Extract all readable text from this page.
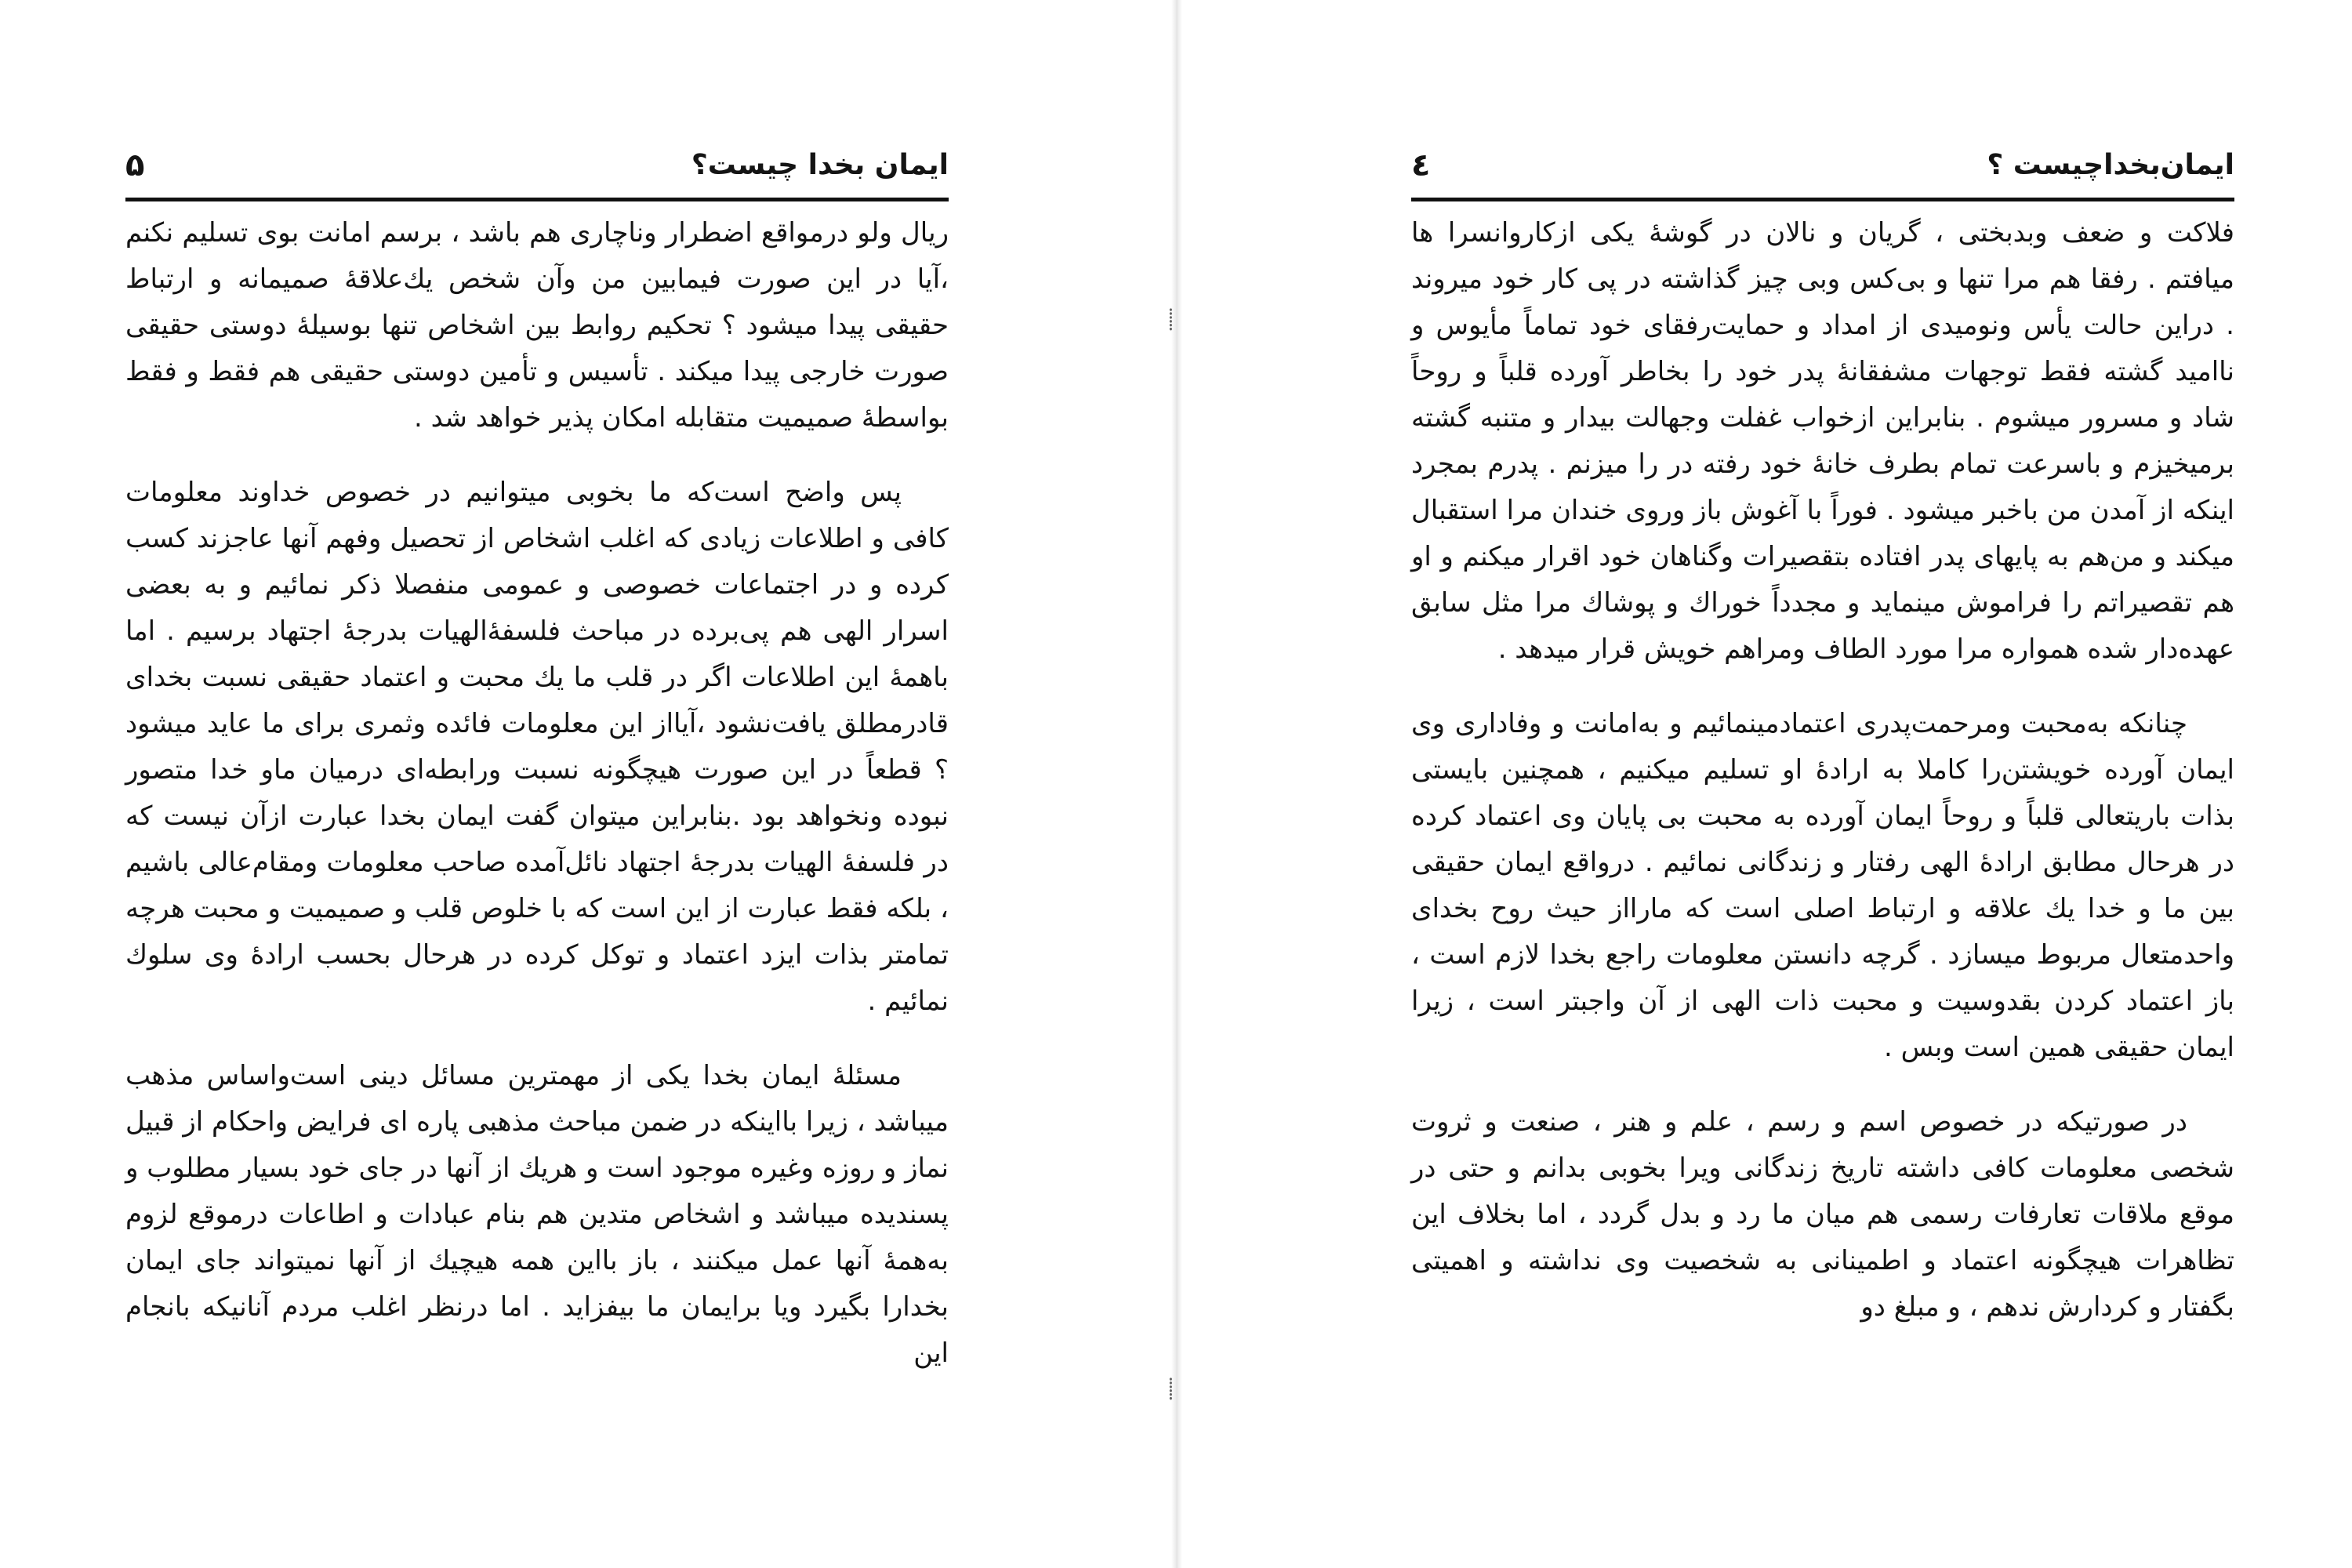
⸽
⸽
ایمان بخدا چیست؟
۵

ریال ولو درمواقع اضطرار وناچاری هم باشد ، برسم امانت بوی تسلیم نکنم ،آیا در این صورت فیمابین من وآن شخص یك‌علاقهٔ صمیمانه و ارتباط حقیقی پیدا میشود ؟ تحکیم روابط بین اشخاص تنها بوسیلهٔ دوستی حقیقی صورت خارجی پیدا میکند . تأسیس و تأمین دوستی حقیقی هم فقط و فقط بواسطهٔ صمیمیت متقابله امکان پذیر خواهد شد .

پس واضح است‌که ما بخوبی میتوانیم در خصوص خداوند معلومات کافی و اطلاعات زیادی که اغلب اشخاص از تحصیل وفهم آنها عاجزند کسب کرده و در اجتماعات خصوصی و عمومی منفصلا ذکر نمائیم و به بعضی اسرار الهی هم پی‌برده در مباحث فلسفهٔ‌الهیات بدرجهٔ اجتهاد برسیم . اما باهمهٔ این اطلاعات اگر در قلب ما یك محبت و اعتماد حقیقی نسبت بخدای قادرمطلق یافت‌نشود ،آیااز این معلومات فائده وثمری برای ما عاید میشود ؟ قطعاً در این صورت هیچگونه نسبت ورابطه‌ای درمیان ماو خدا متصور نبوده ونخواهد بود .بنابراین میتوان گفت ایمان بخدا عبارت ازآن نیست که در فلسفهٔ الهیات بدرجهٔ اجتهاد نائل‌آمده صاحب معلومات ومقام‌عالی باشیم ، بلکه فقط عبارت از این است که با خلوص قلب و صمیمیت و محبت هرچه تمامتر بذات ایزد اعتماد و توکل کرده در هرحال بحسب ارادهٔ وی سلوك نمائیم .

مسئلهٔ ایمان بخدا یکی از مهمترین مسائل دینی است‌واساس مذهب میباشد ، زیرا بااینکه در ضمن مباحث مذهبی پاره ای فرایض واحکام از قبیل نماز و روزه وغیره موجود است و هریك از آنها در جای خود بسیار مطلوب و پسندیده میباشد و اشخاص متدین هم بنام عبادات و اطاعات درموقع لزوم به‌همهٔ آنها عمل میکنند ، باز بااین همه هیچیك از آنها نمیتواند جای ایمان بخدارا بگیرد ویا برایمان ما بیفزاید . اما درنظر اغلب مردم آنانیکه بانجام این

ایمان‌بخداچیست ؟
٤

فلاکت و ضعف وبدبختی ، گریان و نالان در گوشهٔ یکی ازکاروانسرا ها میافتم . رفقا هم مرا تنها و بی‌کس وبی چیز گذاشته در پی کار خود میروند . دراین حالت یأس ونومیدی از امداد و حمایت‌رفقای خود تماماً مأیوس و ناامید گشته فقط توجهات مشفقانهٔ پدر خود را بخاطر آورده قلباً و روحاً شاد و مسرور میشوم . بنابراین ازخواب غفلت وجهالت بیدار و متنبه گشته برمیخیزم و باسرعت تمام بطرف خانهٔ خود رفته در را میزنم . پدرم بمجرد اینکه از آمدن من باخبر میشود . فوراً با آغوش باز وروی خندان مرا استقبال میکند و من‌هم به پایهای پدر افتاده بتقصیرات وگناهان خود اقرار میکنم و او هم تقصیراتم را فراموش مینماید و مجدداً خوراك و پوشاك مرا مثل سابق عهده‌دار شده همواره مرا مورد الطاف ومراهم خویش قرار میدهد .

چنانکه به‌محبت ومرحمت‌پدری اعتمادمینمائیم و به‌امانت و وفاداری وی ایمان آورده خویشتن‌را کاملا به ارادهٔ او تسلیم میکنیم ، همچنین بایستی بذات باریتعالی قلباً و روحاً ایمان آورده به محبت بی پایان وی اعتماد کرده در هرحال مطابق ارادهٔ الهی رفتار و زندگانی نمائیم . درواقع ایمان حقیقی بین ما و خدا یك علاقه و ارتباط اصلی است که مارااز حیث روح بخدای واحدمتعال مربوط میسازد . گرچه دانستن معلومات راجع بخدا لازم است ، باز اعتماد کردن بقدوسیت و محبت ذات الهی از آن واجبتر است ، زیرا ایمان حقیقی همین است وبس .

در صورتیکه در خصوص اسم و رسم ، علم و هنر ، صنعت و ثروت شخصی معلومات کافی داشته تاریخ زندگانی ویرا بخوبی بدانم و حتی در موقع ملاقات تعارفات رسمی هم میان ما رد و بدل گردد ، اما بخلاف این تظاهرات هیچگونه اعتماد و اطمینانی به شخصیت وی نداشته و اهمیتی بگفتار و کردارش ندهم ، و مبلغ دو
